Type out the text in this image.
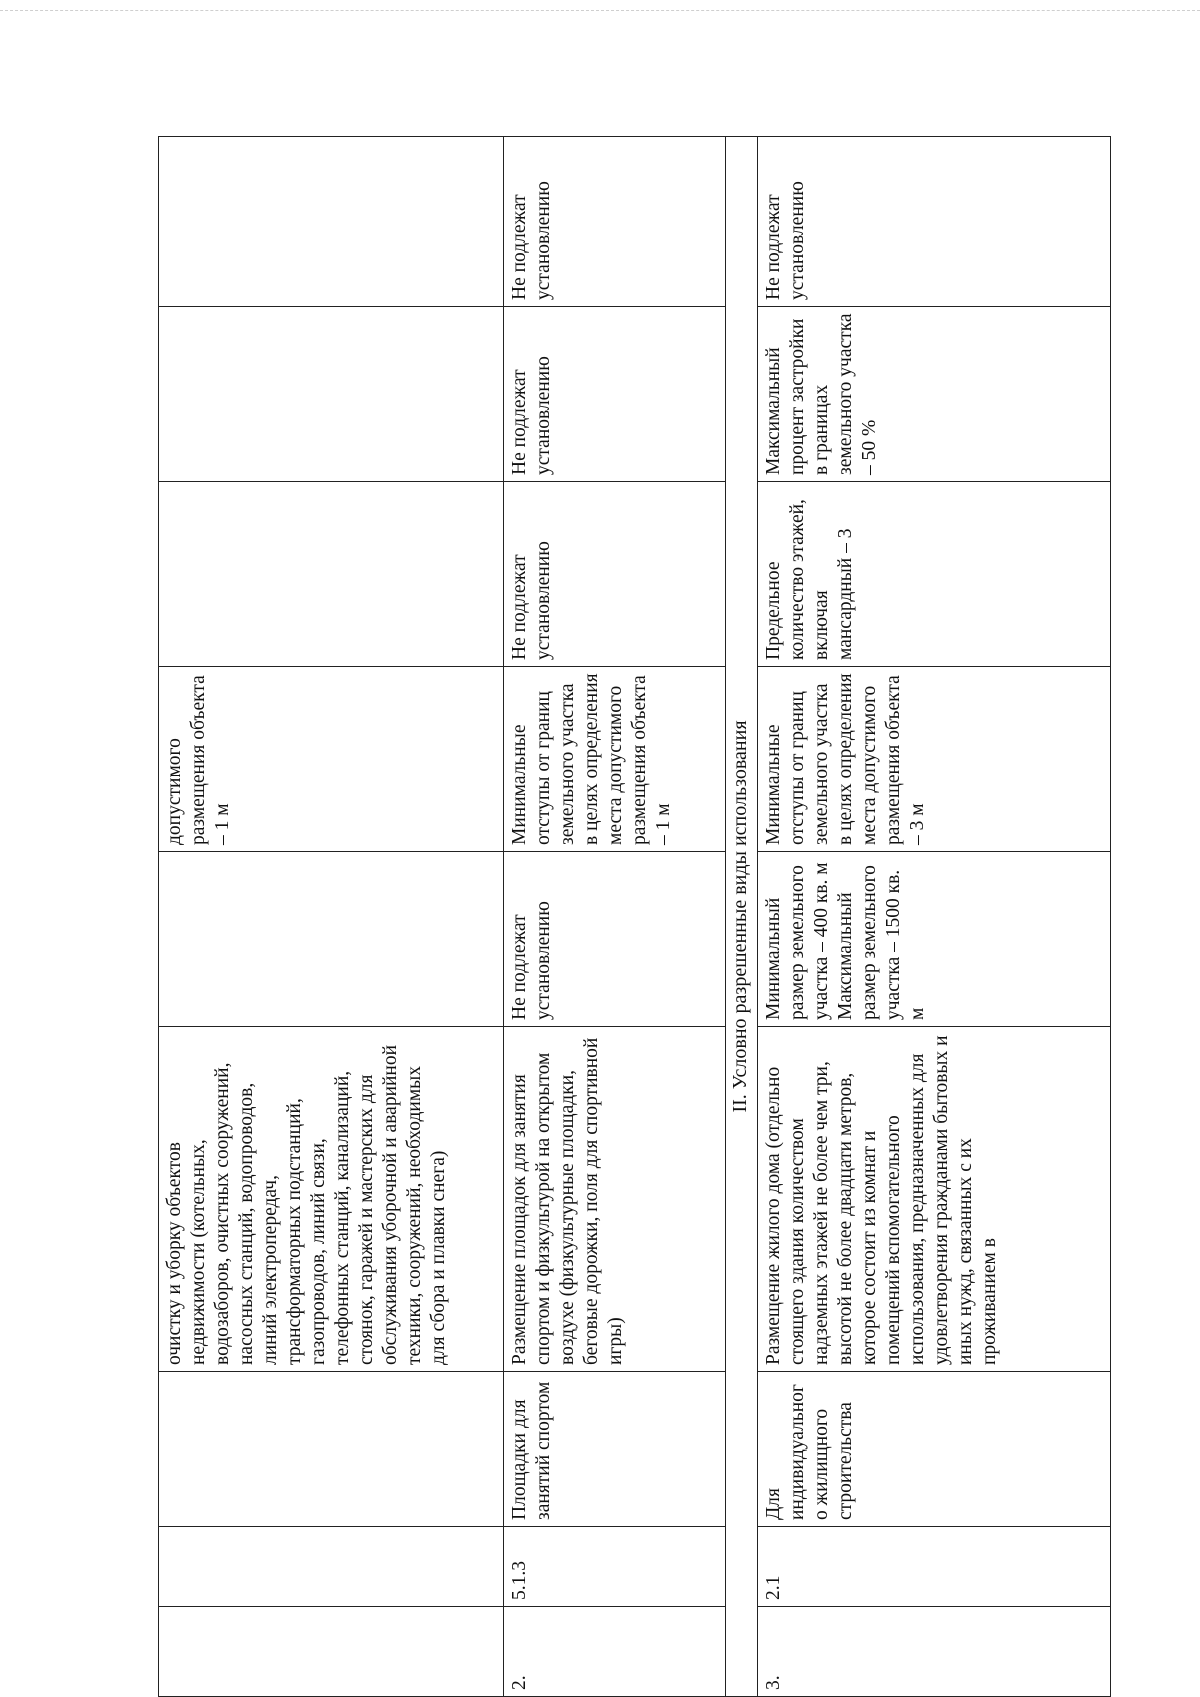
			очистку и уборку объектов недвижимости (котельных, водозаборов, очистных сооружений, насосных станций, водопроводов, линий электропередач, трансформаторных подстанций, газопроводов, линий связи, телефонных станций, канализаций, стоянок, гаражей и мастерских для обслуживания уборочной и аварийной техники, сооружений, необходимых для сбора и плавки снега)		допустимого размещения объекта – 1 м			
2.	5.1.3	Площадки для занятий спортом	Размещение площадок для занятия спортом и физкультурой на открытом воздухе (физкультурные площадки, беговые дорожки, поля для спортивной игры)	Не подлежат установлению	Минимальные отступы от границ земельного участка в целях определения места допустимого размещения объекта – 1 м	Не подлежат установлению	Не подлежат установлению	Не подлежат установлению
II. Условно разрешенные виды использования								
3.	2.1	Для индивидуального жилищного строительства	Размещение жилого дома (отдельно стоящего здания количеством надземных этажей не более чем три, высотой не более двадцати метров, которое состоит из комнат и помещений вспомогательного использования, предназначенных для удовлетворения гражданами бытовых и иных нужд, связанных с их проживанием в	Минимальный размер земельного участка – 400 кв. м Максимальный размер земельного участка – 1500 кв. м	Минимальные отступы от границ земельного участка в целях определения места допустимого размещения объекта – 3 м	Предельное количество этажей, включая мансардный – 3	Максимальный процент застройки в границах земельного участка – 50 %	Не подлежат установлению
